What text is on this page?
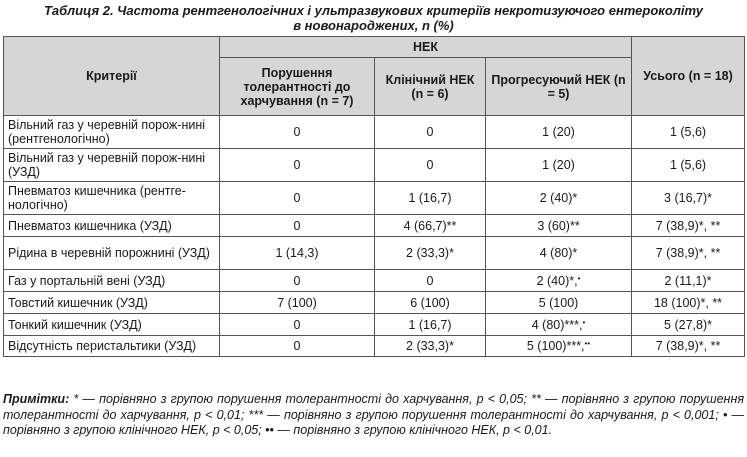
Таблиця 2. Частота рентгенологічних і ультразвукових критеріїв некротизуючого ентероколіту
в новонароджених, n (%)
Критерії	НЕК			Усього (n = 18)
	Порушення толерантності до харчування (n = 7)	Клінічний НЕК (n = 6)	Прогресуючий НЕК (n = 5)	
Вільний газ у черевній порож-нині (рентгенологічно)	0	0	1 (20)	1 (5,6)
Вільний газ у черевній порож-нині (УЗД)	0	0	1 (20)	1 (5,6)
Пневматоз кишечника (рентге-нологічно)	0	1 (16,7)	2 (40)*	3 (16,7)*
Пневматоз кишечника (УЗД)	0	4 (66,7)**	3 (60)**	7 (38,9)*, **
Рідина в черевній порожнині (УЗД)	1 (14,3)	2 (33,3)*	4 (80)*	7 (38,9)*, **
Газ у портальній вені (УЗД)	0	0	2 (40)*,•	2 (11,1)*
Товстий кишечник (УЗД)	7 (100)	6 (100)	5 (100)	18 (100)*, **
Тонкий кишечник (УЗД)	0	1 (16,7)	4 (80)***,•	5 (27,8)*
Відсутність перистальтики (УЗД)	0	2 (33,3)*	5 (100)***,••	7 (38,9)*, **
Примітки: * — порівняно з групою порушення толерантності до харчування, p < 0,05; ** — порівняно з групою порушення толерантності до харчування, p < 0,01; *** — порівняно з групою порушення толерантності до харчування, p < 0,001; • — порівняно з групою клінічного НЕК, p < 0,05; •• — порівняно з групою клінічного НЕК, p < 0,01.
